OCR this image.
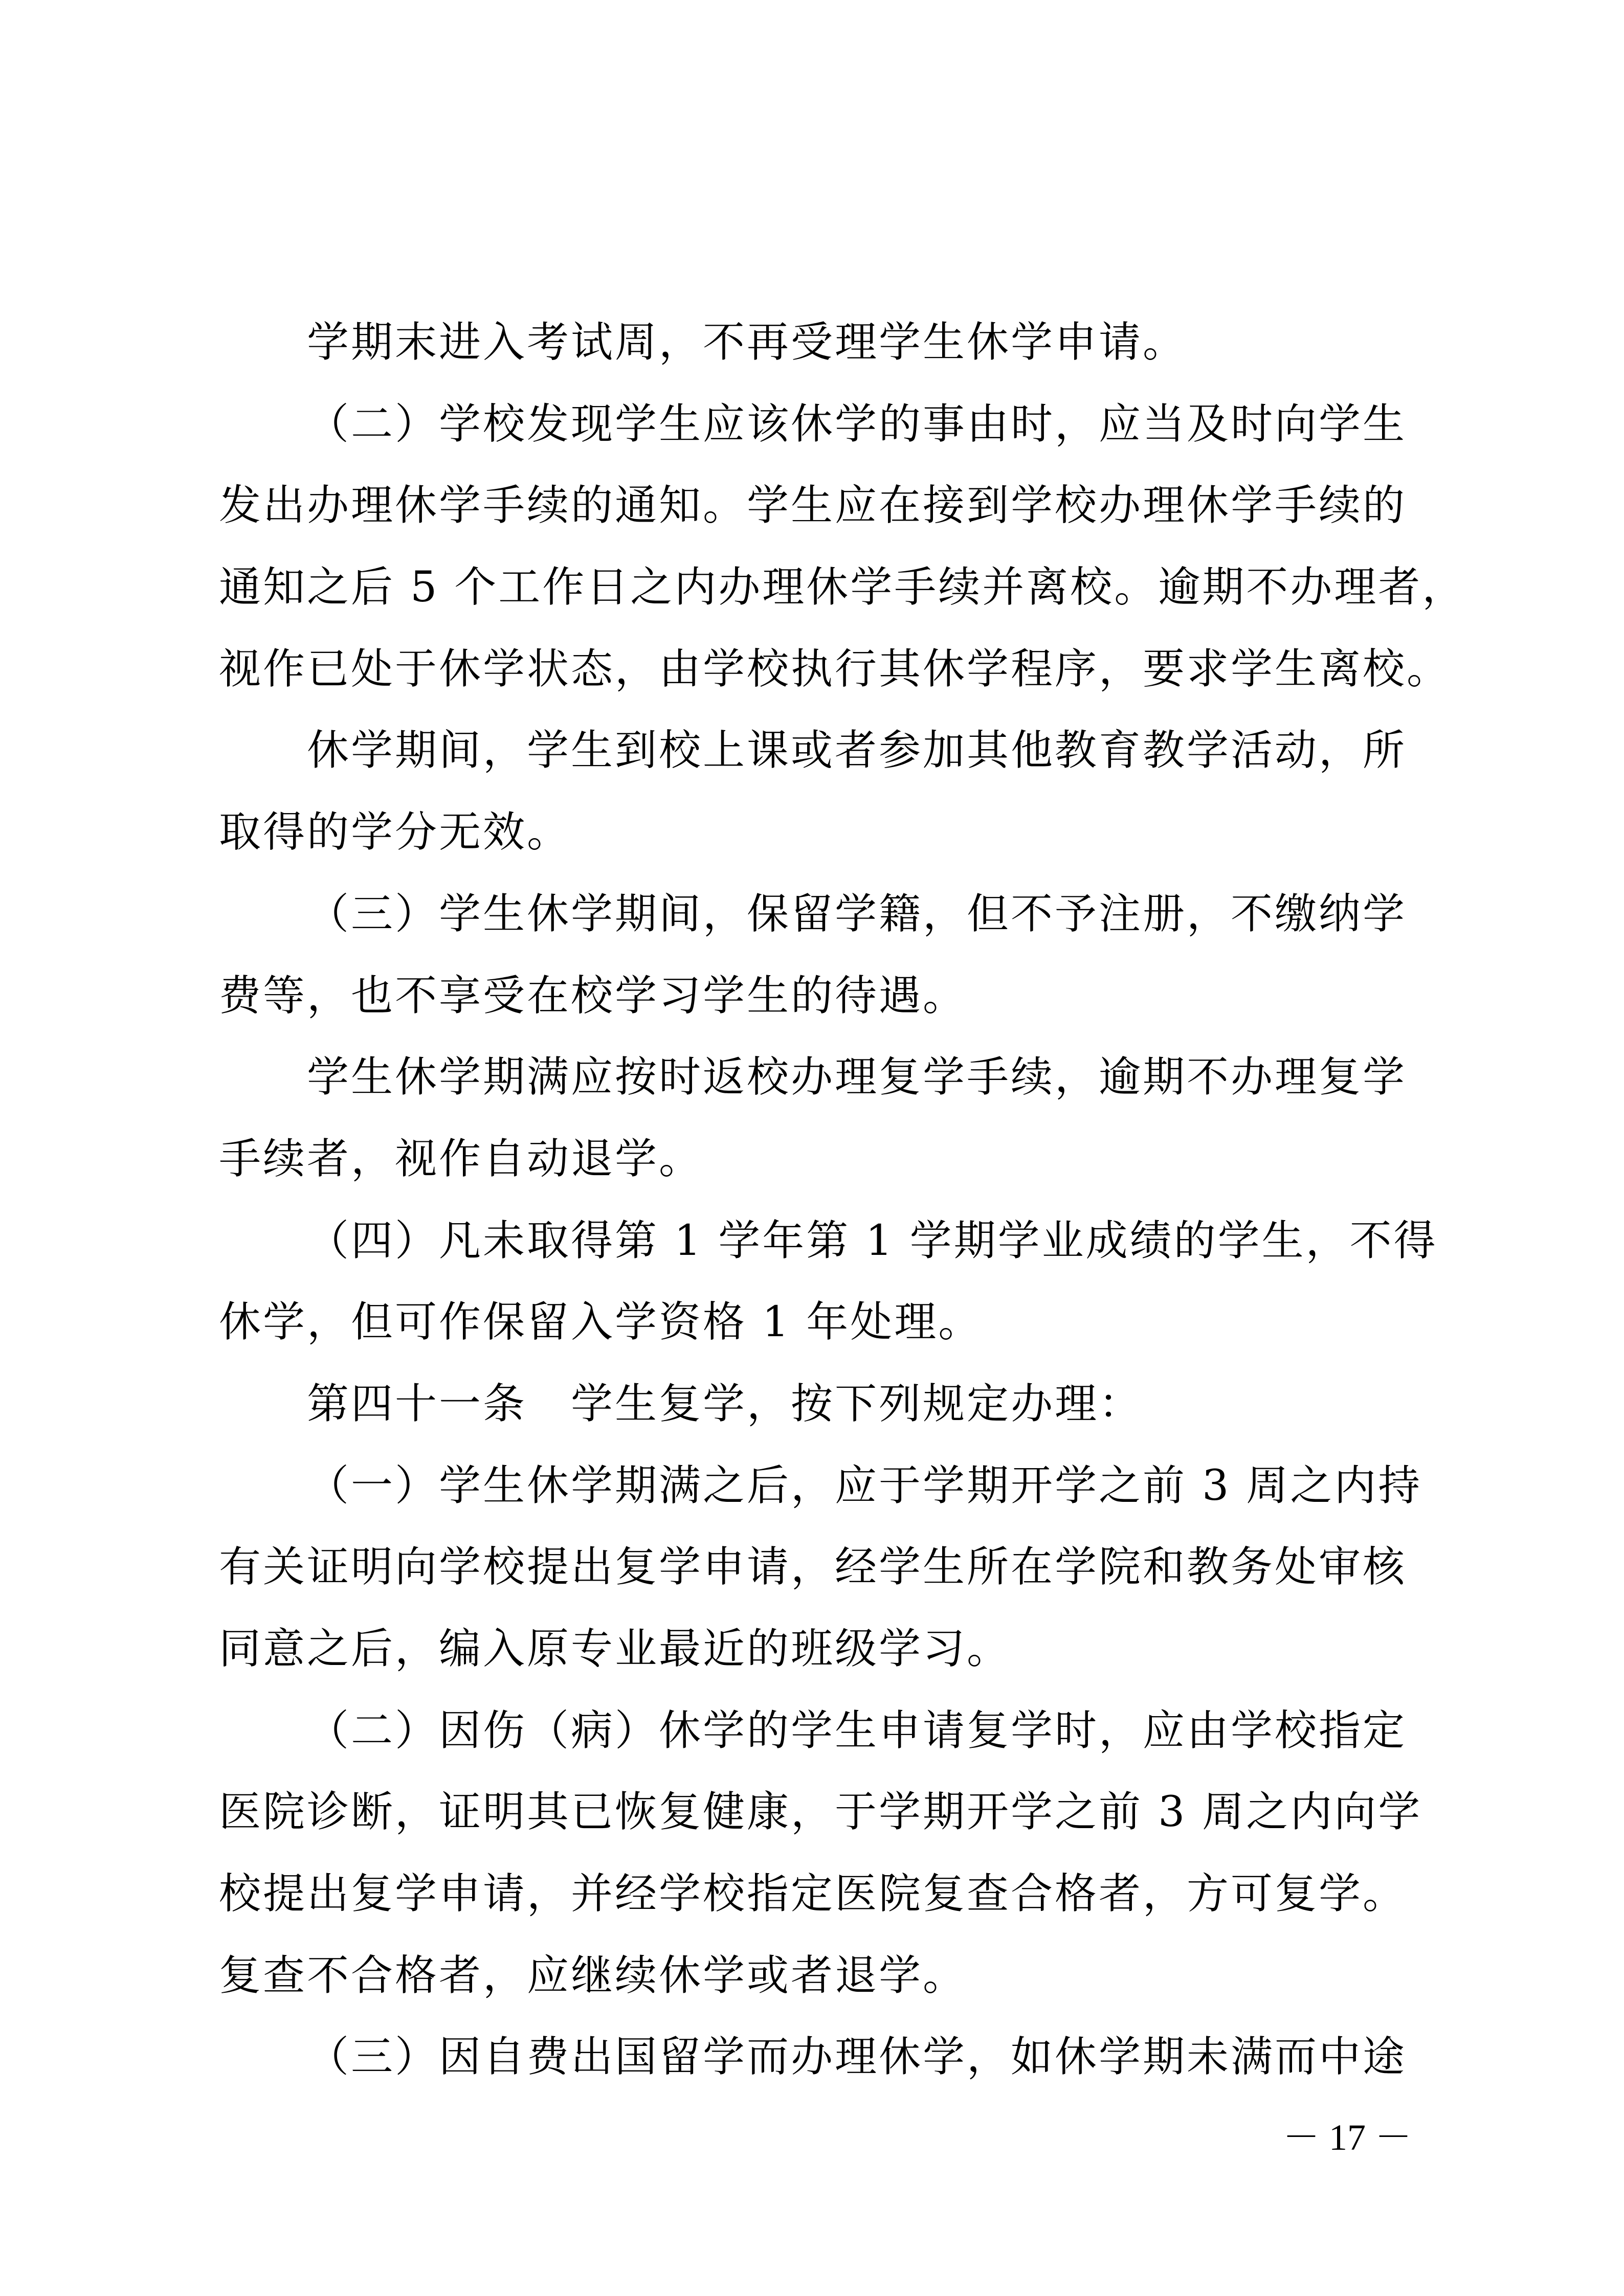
学期末进入考试周，不再受理学生休学申请。
（二）学校发现学生应该休学的事由时，应当及时向学生
发出办理休学手续的通知。学生应在接到学校办理休学手续的
通知之后 5 个工作日之内办理休学手续并离校。逾期不办理者，
视作已处于休学状态，由学校执行其休学程序，要求学生离校。
休学期间，学生到校上课或者参加其他教育教学活动，所
取得的学分无效。
（三）学生休学期间，保留学籍，但不予注册，不缴纳学
费等，也不享受在校学习学生的待遇。
学生休学期满应按时返校办理复学手续，逾期不办理复学
手续者，视作自动退学。
（四）凡未取得第 1 学年第 1 学期学业成绩的学生，不得
休学，但可作保留入学资格 1 年处理。
第四十一条　学生复学，按下列规定办理：
（一）学生休学期满之后，应于学期开学之前 3 周之内持
有关证明向学校提出复学申请，经学生所在学院和教务处审核
同意之后，编入原专业最近的班级学习。
（二）因伤（病）休学的学生申请复学时，应由学校指定
医院诊断，证明其已恢复健康，于学期开学之前 3 周之内向学
校提出复学申请，并经学校指定医院复查合格者，方可复学。
复查不合格者，应继续休学或者退学。
（三）因自费出国留学而办理休学，如休学期未满而中途
－ 17 －
